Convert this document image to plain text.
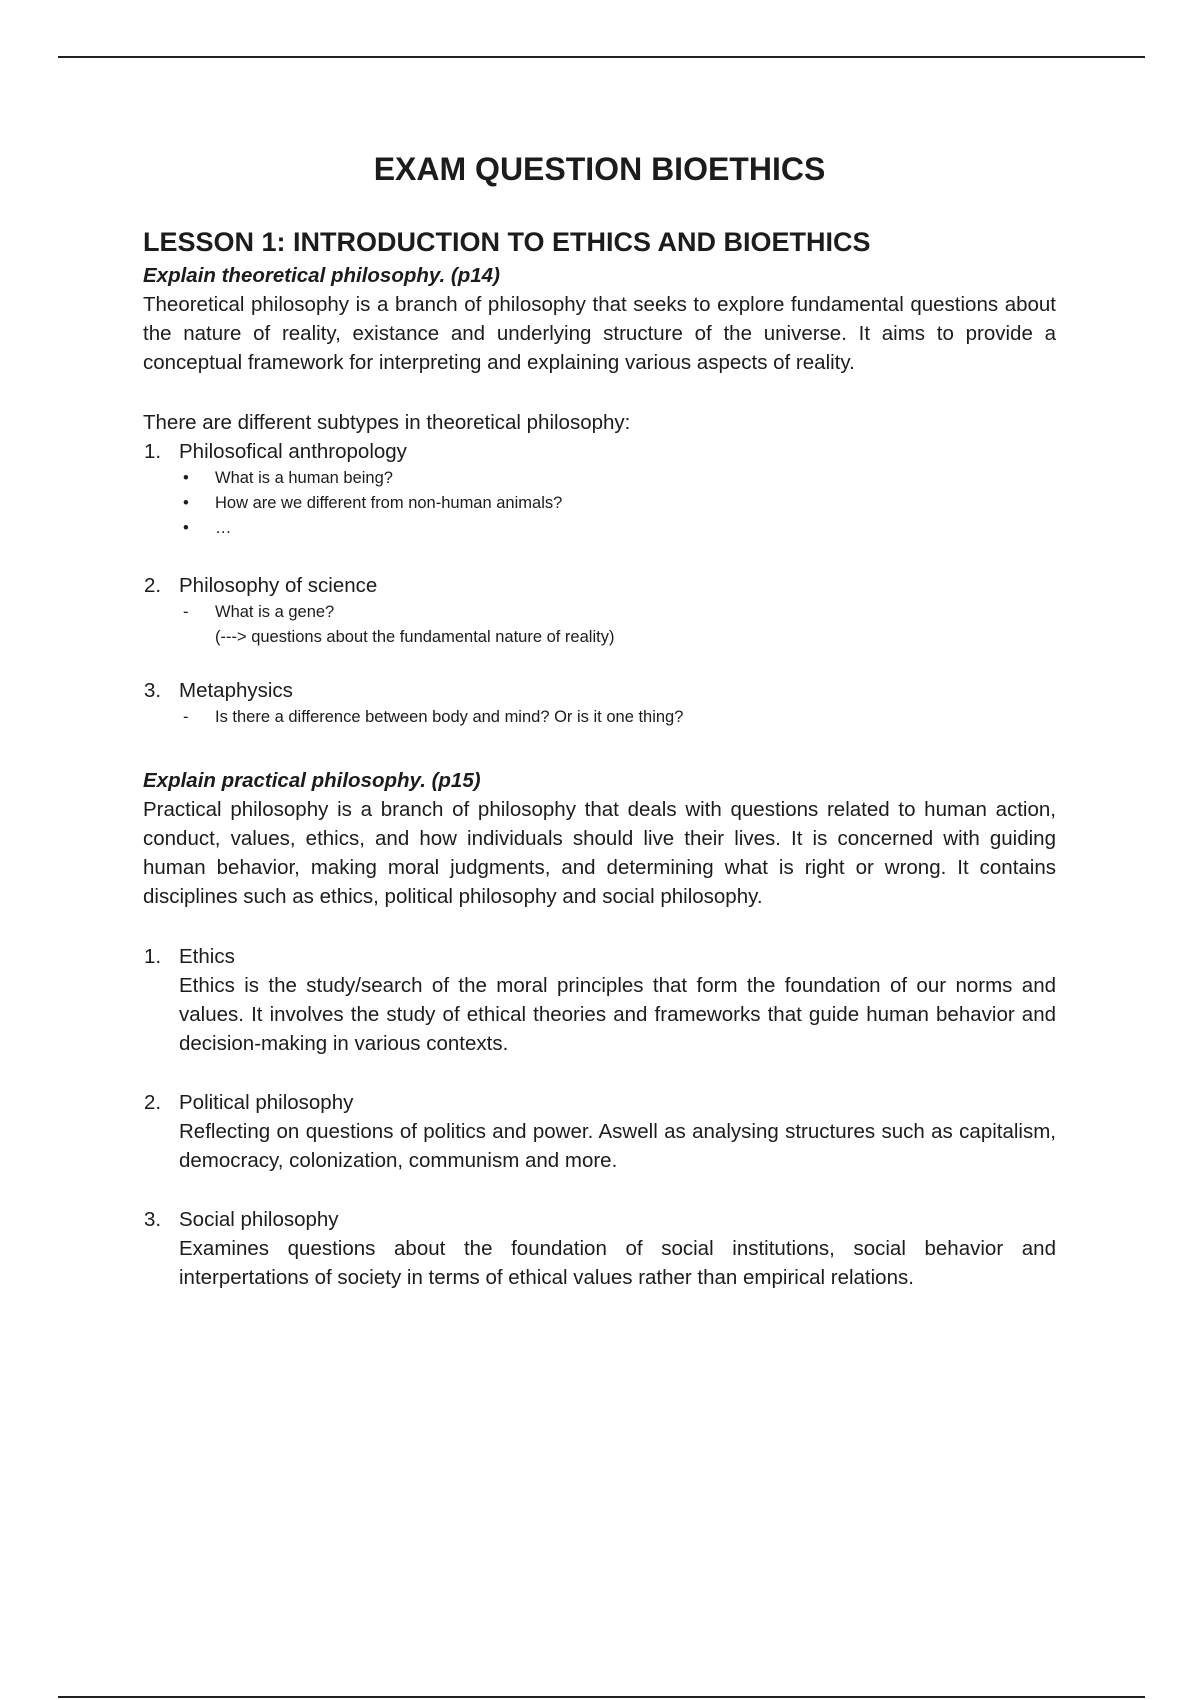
EXAM QUESTION BIOETHICS
LESSON 1: INTRODUCTION TO ETHICS AND BIOETHICS
Explain theoretical philosophy. (p14)

Theoretical philosophy is a branch of philosophy that seeks to explore fundamental questions about the nature of reality, existance and underlying structure of the universe. It aims to provide a conceptual framework for interpreting and explaining various aspects of reality.

There are different subtypes in theoretical philosophy:

1. Philosofical anthropology
• What is a human being?
• How are we different from non-human animals?
• …
2. Philosophy of science
- What is a gene?
(---> questions about the fundamental nature of reality)
3. Metaphysics
- Is there a difference between body and mind? Or is it one thing?
Explain practical philosophy. (p15)

Practical philosophy is a branch of philosophy that deals with questions related to human action, conduct, values, ethics, and how individuals should live their lives. It is concerned with guiding human behavior, making moral judgments, and determining what is right or wrong. It contains disciplines such as ethics, political philosophy and social philosophy.

1. Ethics

Ethics is the study/search of the moral principles that form the foundation of our norms and values. It involves the study of ethical theories and frameworks that guide human behavior and decision-making in various contexts.

2. Political philosophy

Reflecting on questions of politics and power. Aswell as analysing structures such as capitalism, democracy, colonization, communism and more.

3. Social philosophy

Examines questions about the foundation of social institutions, social behavior and interpertations of society in terms of ethical values rather than empirical relations.
